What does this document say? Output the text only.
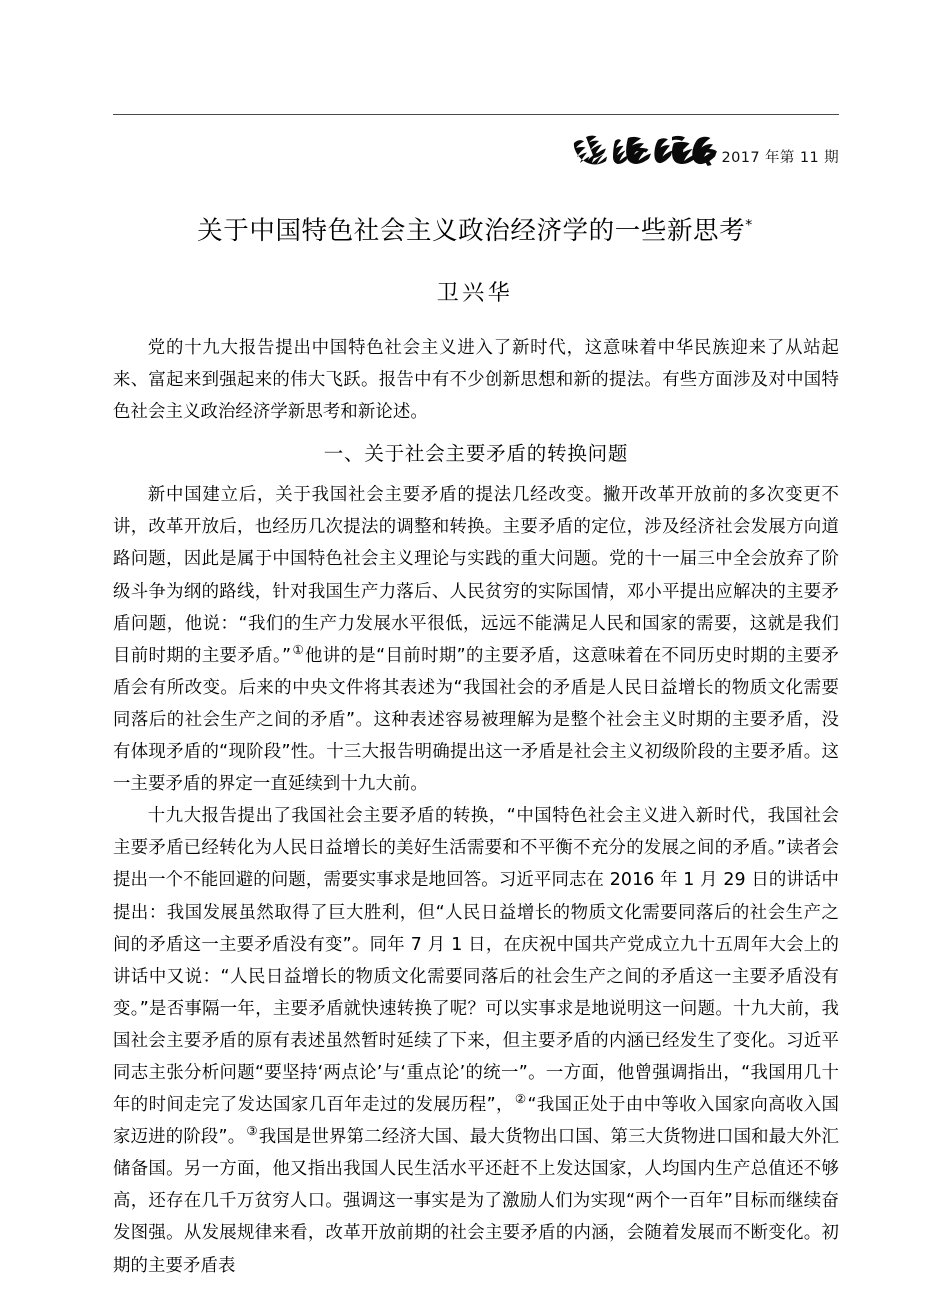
2017 年第 11 期
关于中国特色社会主义政治经济学的一些新思考*
卫兴华

党的十九大报告提出中国特色社会主义进入了新时代，这意味着中华民族迎来了从站起来、富起来到强起来的伟大飞跃。报告中有不少创新思想和新的提法。有些方面涉及对中国特色社会主义政治经济学新思考和新论述。

一、关于社会主要矛盾的转换问题

新中国建立后，关于我国社会主要矛盾的提法几经改变。撇开改革开放前的多次变更不讲，改革开放后，也经历几次提法的调整和转换。主要矛盾的定位，涉及经济社会发展方向道路问题，因此是属于中国特色社会主义理论与实践的重大问题。党的十一届三中全会放弃了阶级斗争为纲的路线，针对我国生产力落后、人民贫穷的实际国情，邓小平提出应解决的主要矛盾问题，他说：“我们的生产力发展水平很低，远远不能满足人民和国家的需要，这就是我们目前时期的主要矛盾。”①他讲的是“目前时期”的主要矛盾，这意味着在不同历史时期的主要矛盾会有所改变。后来的中央文件将其表述为“我国社会的矛盾是人民日益增长的物质文化需要同落后的社会生产之间的矛盾”。这种表述容易被理解为是整个社会主义时期的主要矛盾，没有体现矛盾的“现阶段”性。十三大报告明确提出这一矛盾是社会主义初级阶段的主要矛盾。这一主要矛盾的界定一直延续到十九大前。

十九大报告提出了我国社会主要矛盾的转换，“中国特色社会主义进入新时代，我国社会主要矛盾已经转化为人民日益增长的美好生活需要和不平衡不充分的发展之间的矛盾。”读者会提出一个不能回避的问题，需要实事求是地回答。习近平同志在 2016 年 1 月 29 日的讲话中提出：我国发展虽然取得了巨大胜利，但“人民日益增长的物质文化需要同落后的社会生产之间的矛盾这一主要矛盾没有变”。同年 7 月 1 日，在庆祝中国共产党成立九十五周年大会上的讲话中又说：“人民日益增长的物质文化需要同落后的社会生产之间的矛盾这一主要矛盾没有变。”是否事隔一年，主要矛盾就快速转换了呢？可以实事求是地说明这一问题。十九大前，我国社会主要矛盾的原有表述虽然暂时延续了下来，但主要矛盾的内涵已经发生了变化。习近平同志主张分析问题“要坚持‘两点论’与‘重点论’的统一”。一方面，他曾强调指出，“我国用几十年的时间走完了发达国家几百年走过的发展历程”，②“我国正处于由中等收入国家向高收入国家迈进的阶段”。③我国是世界第二经济大国、最大货物出口国、第三大货物进口国和最大外汇储备国。另一方面，他又指出我国人民生活水平还赶不上发达国家，人均国内生产总值还不够高，还存在几千万贫穷人口。强调这一事实是为了激励人们为实现“两个一百年”目标而继续奋发图强。从发展规律来看，改革开放前期的社会主要矛盾的内涵，会随着发展而不断变化。初期的主要矛盾表
